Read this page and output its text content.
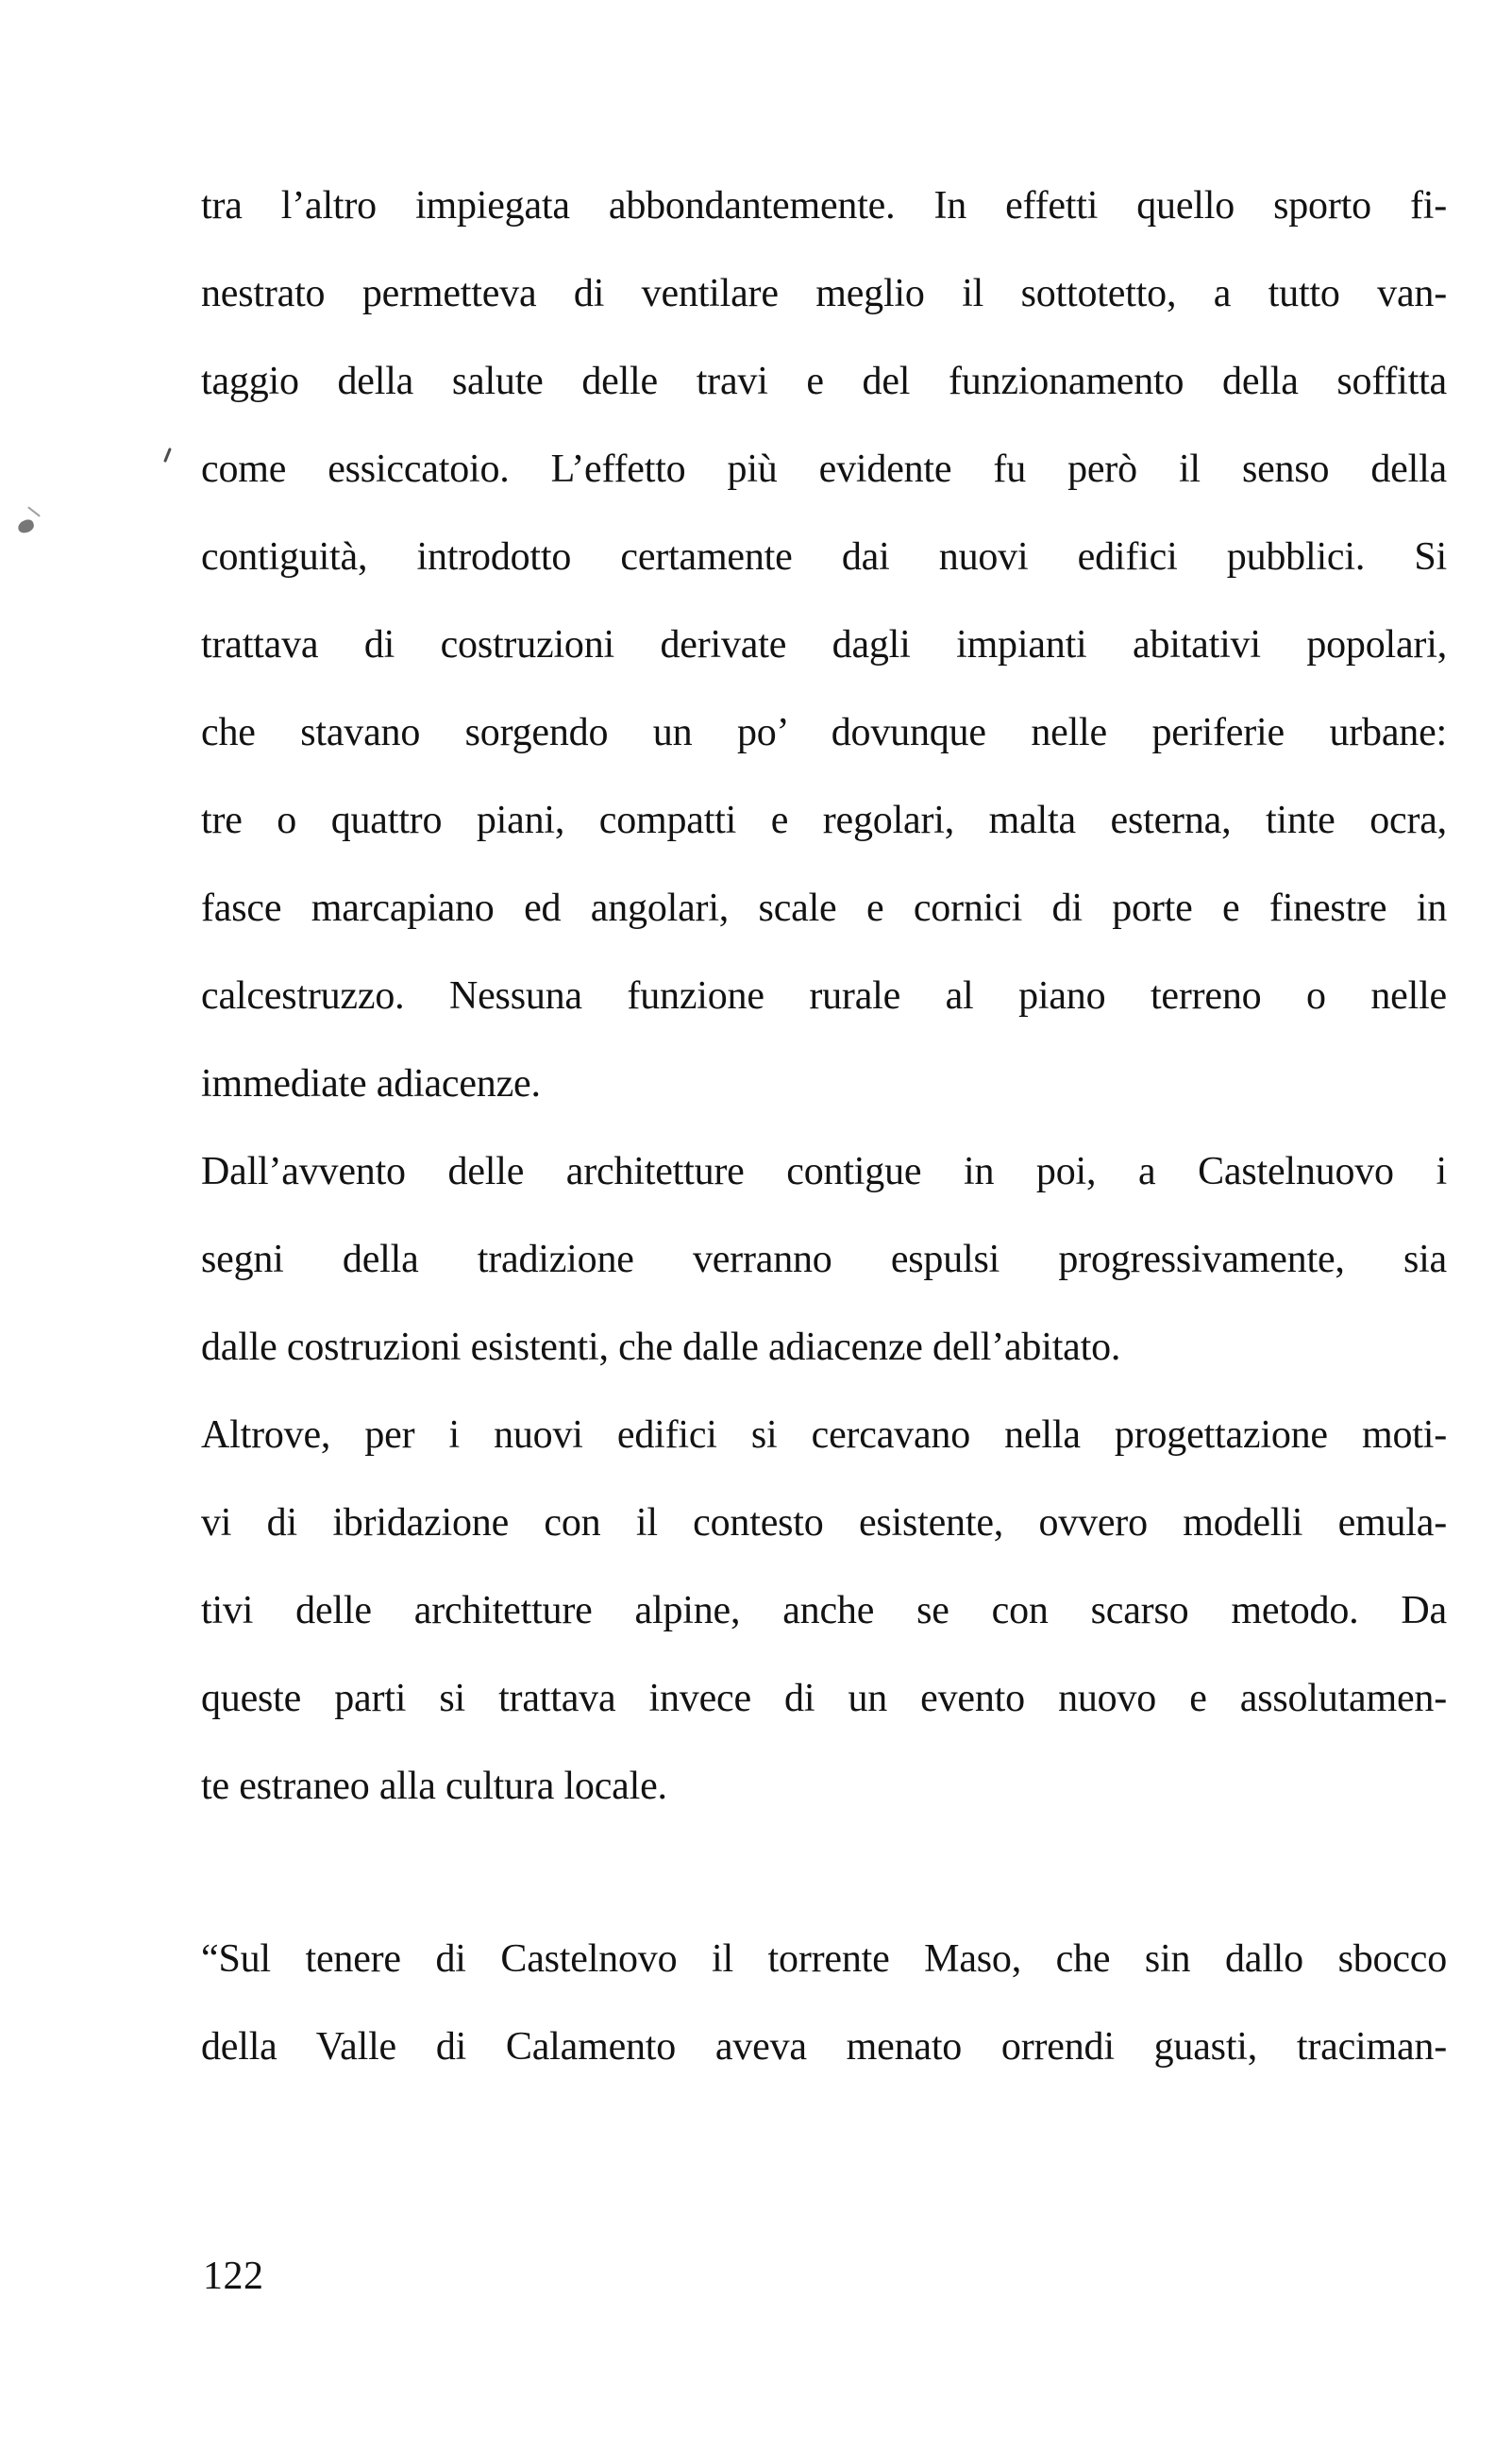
tra l’altro impiegata abbondantemente. In effetti quello sporto fi-
nestrato permetteva di ventilare meglio il sottotetto, a tutto van-
taggio della salute delle travi e del funzionamento della soffitta
come essiccatoio. L’effetto più evidente fu però il senso della
contiguità, introdotto certamente dai nuovi edifici pubblici. Si
trattava di costruzioni derivate dagli impianti abitativi popolari,
che stavano sorgendo un po’ dovunque nelle periferie urbane:
tre o quattro piani, compatti e regolari, malta esterna, tinte ocra,
fasce marcapiano ed angolari, scale e cornici di porte e finestre in
calcestruzzo. Nessuna funzione rurale al piano terreno o nelle
immediate adiacenze.
Dall’avvento delle architetture contigue in poi, a Castelnuovo i
segni della tradizione verranno espulsi progressivamente, sia
dalle costruzioni esistenti, che dalle adiacenze dell’abitato.
Altrove, per i nuovi edifici si cercavano nella progettazione moti-
vi di ibridazione con il contesto esistente, ovvero modelli emula-
tivi delle architetture alpine, anche se con scarso metodo. Da
queste parti si trattava invece di un evento nuovo e assolutamen-
te estraneo alla cultura locale.
“Sul tenere di Castelnovo il torrente Maso, che sin dallo sbocco
della Valle di Calamento aveva menato orrendi guasti, traciman-
122
